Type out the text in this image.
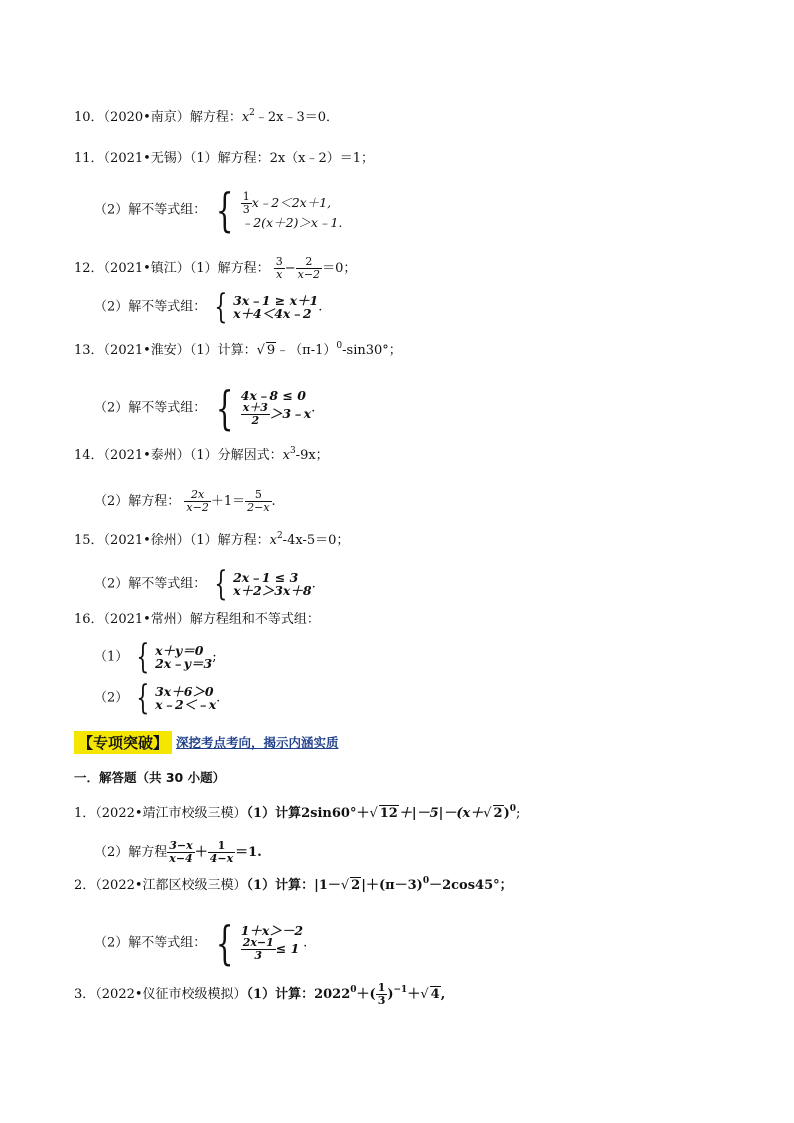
10．（2020•南京）解方程：$x^2﹣2x﹣3=0$．
11．（2021•无锡）（1）解方程：2x（x﹣2）＝1；
（2）解不等式组： { $\frac{1}{3}$ x﹣2＜2x＋1,
﹣2(x＋2)＞x﹣1.
12．（2021•镇江）（1）解方程： $\frac{3}{x} - \frac{2}{x-2} =0$；
（2）解不等式组： { 3x﹣1 ≥ x＋1
x＋4＜4x﹣2 .
13．（2021•淮安）（1）计算：√ $9﹣(\pi-1)^0-\sin 30^\circ$；
（2）解不等式组： { 4x﹣8 ≤ 0
$\frac{x+3}{2}$ ＞3﹣x .
14．（2021•泰州）（1）分解因式：$x^3-9x$；
（2）解方程： $\frac{2x}{x-2} +1= \frac{5}{2-x}$ .
15．（2021•徐州）（1）解方程：$x^2-4x-5=0$；
（2）解不等式组： { 2x﹣1 ≤ 3
x＋2＞3x＋8 .
16．（2021•常州）解方程组和不等式组：
（1） { x＋y＝0
2x﹣y＝3 ;
（2） { 3x＋6＞0
x﹣2＜﹣x .
【专项突破】 深挖考点考向，揭示内涵实质
一．解答题（共 30 小题）
1．（2022•靖江市校级三模）（1）计算2sin60°＋√ 12＋|－5|－(x＋√ 2)$^0$;
（2）解方程 $\frac{3-x}{x-4} + \frac{1}{4-x} =1$.
2．（2022•江都区校级三模）（1）计算：|1－√ $2|+(\pi-3)^0-2\cos 45^\circ$；
（2）解不等式组： { 1＋x＞－2
$\frac{2x-1}{3} \le 1$ .
3．（2022•仪征市校级模拟）（1）计算：$2022^0+( \frac{1}{3} )^{-1}+√$ 4,
